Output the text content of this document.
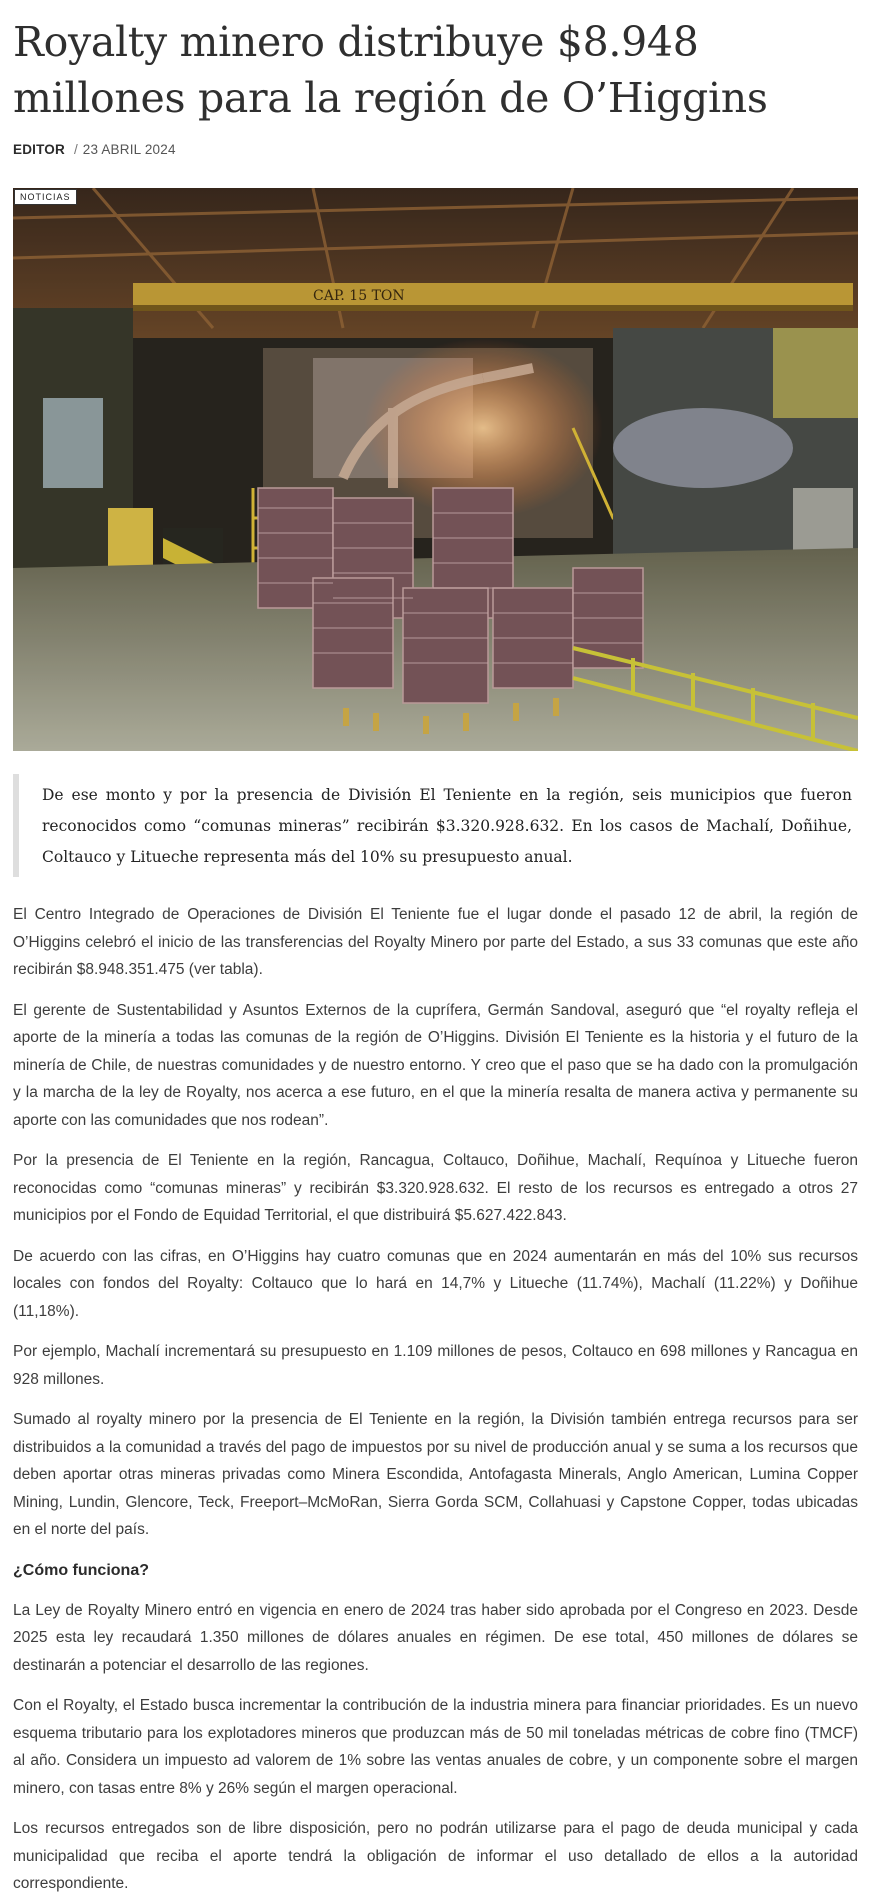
Royalty minero distribuye $8.948 millones para la región de O’Higgins
EDITOR / 23 ABRIL 2024
NOTICIAS
CAP. 15 TON
De ese monto y por la presencia de División El Teniente en la región, seis municipios que fueron reconocidos como “comunas mineras” recibirán $3.320.928.632. En los casos de Machalí, Doñihue, Coltauco y Litueche representa más del 10% su presupuesto anual.

El Centro Integrado de Operaciones de División El Teniente fue el lugar donde el pasado 12 de abril, la región de O’Higgins celebró el inicio de las transferencias del Royalty Minero por parte del Estado, a sus 33 comunas que este año recibirán $8.948.351.475 (ver tabla).

El gerente de Sustentabilidad y Asuntos Externos de la cuprífera, Germán Sandoval, aseguró que “el royalty refleja el aporte de la minería a todas las comunas de la región de O’Higgins. División El Teniente es la historia y el futuro de la minería de Chile, de nuestras comunidades y de nuestro entorno. Y creo que el paso que se ha dado con la promulgación y la marcha de la ley de Royalty, nos acerca a ese futuro, en el que la minería resalta de manera activa y permanente su aporte con las comunidades que nos rodean”.

Por la presencia de El Teniente en la región, Rancagua, Coltauco, Doñihue, Machalí, Requínoa y Litueche fueron reconocidas como “comunas mineras” y recibirán $3.320.928.632. El resto de los recursos es entregado a otros 27 municipios por el Fondo de Equidad Territorial, el que distribuirá $5.627.422.843.

De acuerdo con las cifras, en O’Higgins hay cuatro comunas que en 2024 aumentarán en más del 10% sus recursos locales con fondos del Royalty: Coltauco que lo hará en 14,7% y Litueche (11.74%), Machalí (11.22%) y Doñihue (11,18%).

Por ejemplo, Machalí incrementará su presupuesto en 1.109 millones de pesos, Coltauco en 698 millones y Rancagua en 928 millones.

Sumado al royalty minero por la presencia de El Teniente en la región, la División también entrega recursos para ser distribuidos a la comunidad a través del pago de impuestos por su nivel de producción anual y se suma a los recursos que deben aportar otras mineras privadas como Minera Escondida, Antofagasta Minerals, Anglo American, Lumina Copper Mining, Lundin, Glencore, Teck, Freeport–McMoRan, Sierra Gorda SCM, Collahuasi y Capstone Copper, todas ubicadas en el norte del país.

¿Cómo funciona?

La Ley de Royalty Minero entró en vigencia en enero de 2024 tras haber sido aprobada por el Congreso en 2023. Desde 2025 esta ley recaudará 1.350 millones de dólares anuales en régimen. De ese total, 450 millones de dólares se destinarán a potenciar el desarrollo de las regiones.

Con el Royalty, el Estado busca incrementar la contribución de la industria minera para financiar prioridades. Es un nuevo esquema tributario para los explotadores mineros que produzcan más de 50 mil toneladas métricas de cobre fino (TMCF) al año. Considera un impuesto ad valorem de 1% sobre las ventas anuales de cobre, y un componente sobre el margen minero, con tasas entre 8% y 26% según el margen operacional.

Los recursos entregados son de libre disposición, pero no podrán utilizarse para el pago de deuda municipal y cada municipalidad que reciba el aporte tendrá la obligación de informar el uso detallado de ellos a la autoridad correspondiente.
